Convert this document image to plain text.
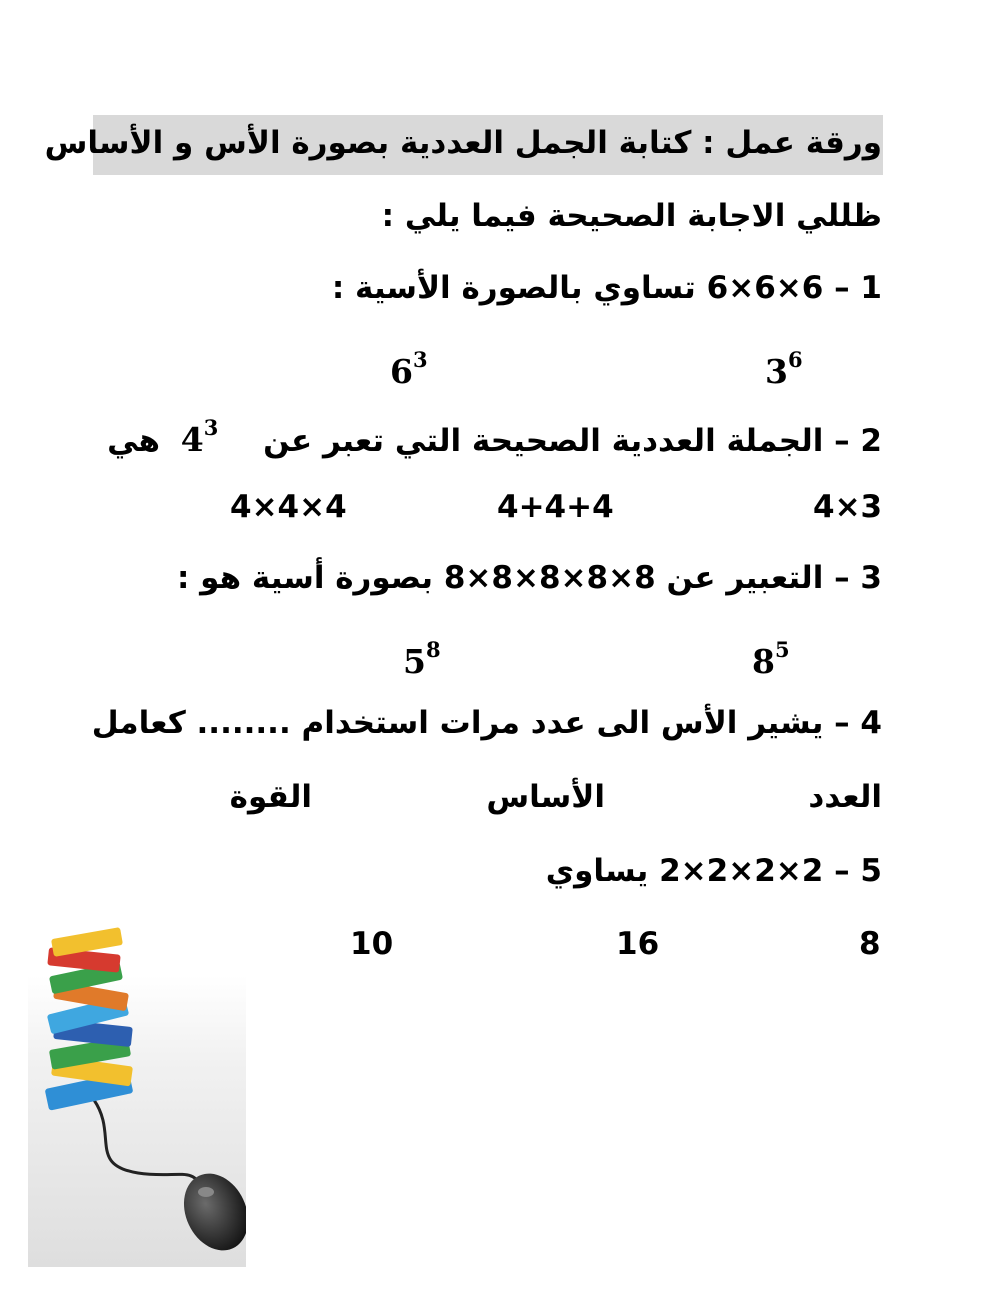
ورقة عمل : كتابة الجمل العددية بصورة الأس و الأساس
ظللي الاجابة الصحيحة فيما يلي :
1 – 6×6×6 تساوي بالصورة الأسية :
$3^6$
$6^3$
2 – الجملة العددية الصحيحة التي تعبر عن $4^3$ هي
4×3
4+4+4
4×4×4
3 – التعبير عن 8×8×8×8×8 بصورة أسية هو :
$8^5$
$5^8$
4 – يشير الأس الى عدد مرات استخدام ........ كعامل
العدد
الأساس
القوة
5 – 2×2×2×2 يساوي
8
16
10
